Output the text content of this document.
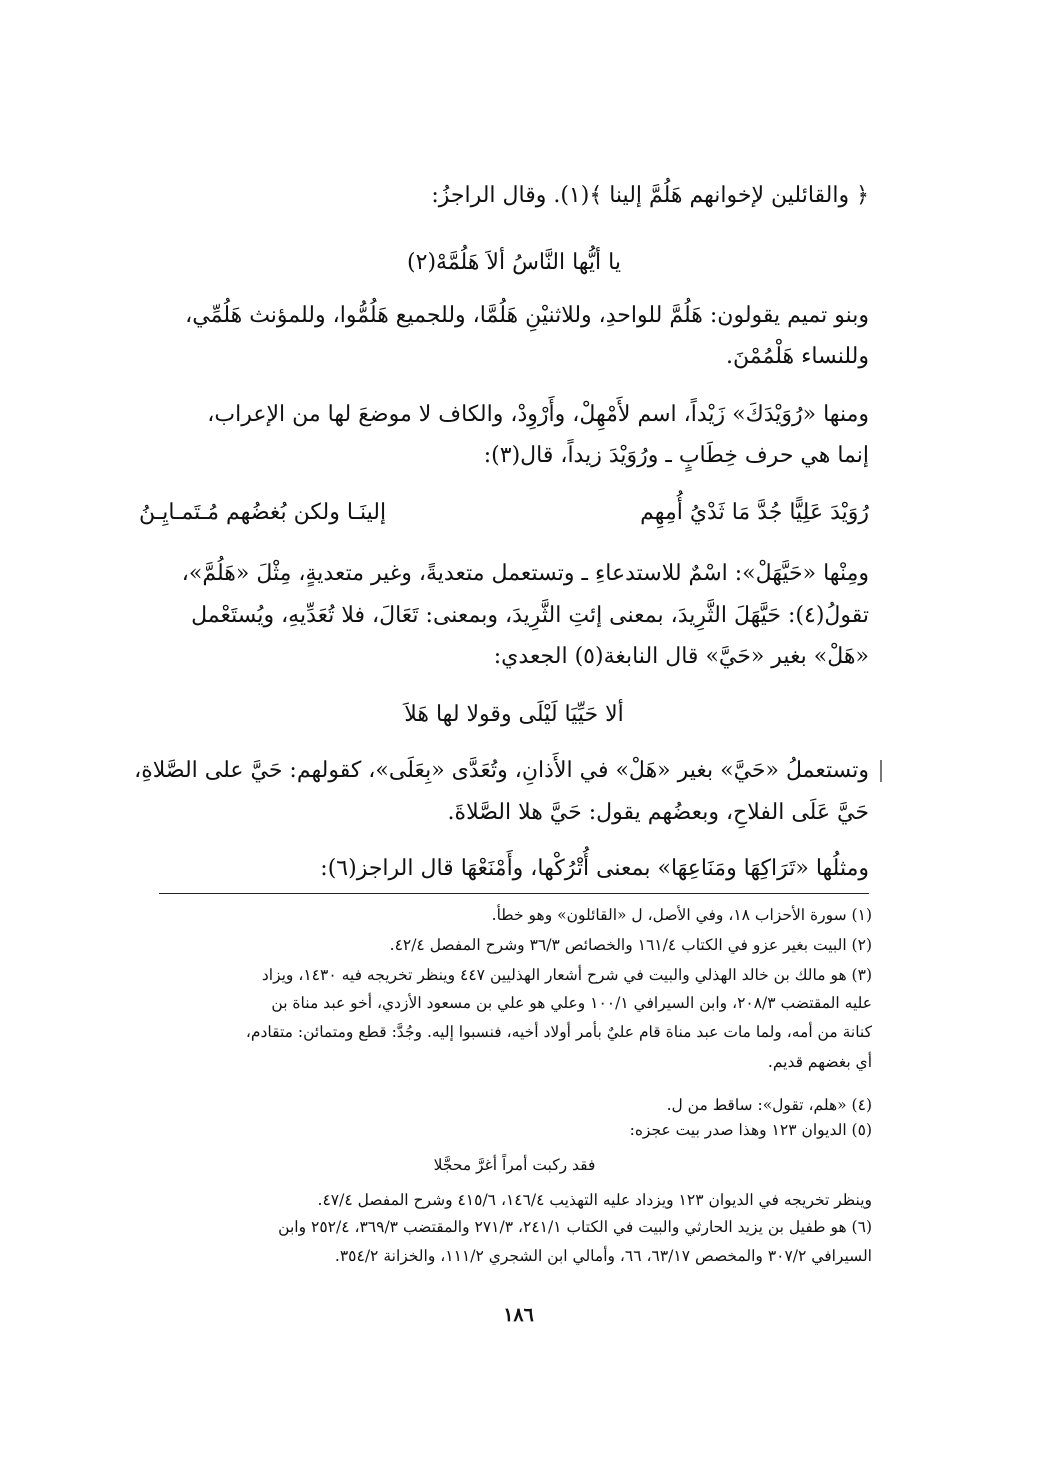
﴿ والقائلين لإخوانهم هَلُمَّ إلينا ﴾(١). وقال الراجزُ:
يا أيُّها النَّاسُ ألاَ هَلُمَّهْ(٢)
وبنو تميم يقولون: هَلُمَّ للواحدِ، وللاثنيْنِ هَلُمَّا، وللجميع هَلُمُّوا، وللمؤنث هَلُمِّي،
وللنساء هَلْمُمْنَ.
ومنها «رُوَيْدَكَ» زَيْداً، اسم لأَمْهِلْ، وأَرْوِدْ، والكاف لا موضعَ لها من الإعراب،
إنما هي حرف خِطَابٍ ـ ورُوَيْدَ زيداً، قال(٣):
رُوَيْدَ عَلِيًّا جُدَّ مَا ثَدْيُ أُمِهِم
إلينَـا ولكن بُغضُهم مُـتَمـايِـنُ
ومِنْها «حَيَّهَلْ»: اسْمٌ للاستدعاءِ ـ وتستعمل متعديةً، وغير متعديةٍ، مِثْلَ «هَلُمَّ»،
تقولُ(٤): حَيَّهَلَ الثَّرِيدَ، بمعنى إئتِ الثَّرِيدَ، وبمعنى: تَعَالَ، فلا تُعَدِّيهِ، ويُستَعْمل
«هَلْ» بغير «حَيَّ» قال النابغة(٥) الجعدي:
ألا حَيِّيَا لَيْلَى وقولا لها هَلاَ
وتستعملُ «حَيَّ» بغير «هَلْ» في الأَذانِ، وتُعَدَّى «بِعَلَى»، كقولهم: حَيَّ على الصَّلاةِ،
حَيَّ عَلَى الفلاحِ، وبعضُهم يقول: حَيَّ هلا الصَّلاةَ.
ومثلُها «تَرَاكِهَا ومَنَاعِهَا» بمعنى أُتْرُكْها، وأَمْنَعْهَا قال الراجز(٦):
(١) سورة الأحزاب ١٨، وفي الأصل، ل «القائلون» وهو خطأ.
(٢) البيت بغير عزو في الكتاب ١٦١/٤ والخصائص ٣٦/٣ وشرح المفصل ٤٢/٤.
(٣) هو مالك بن خالد الهذلي والبيت في شرح أشعار الهذليين ٤٤٧ وينظر تخريجه فيه ١٤٣٠، ويزاد
عليه المقتضب ٢٠٨/٣، وابن السيرافي ١٠٠/١ وعلي هو علي بن مسعود الأزدي، أخو عبد مناة بن
كنانة من أمه، ولما مات عبد مناة قام عليٌ بأمر أولاد أخيه، فنسبوا إليه. وجُدَّ: قطع ومتمائن: متقادم،
أي بغضهم قديم.
(٤) «هلم، تقول»: ساقط من ل.
(٥) الديوان ١٢٣ وهذا صدر بيت عجزه:
فقد ركبت أمراً أغرَّ محجَّلا
وينظر تخريجه في الديوان ١٢٣ ويزداد عليه التهذيب ١٤٦/٤، ٤١٥/٦ وشرح المفصل ٤٧/٤.
(٦) هو طفيل بن يزيد الحارثي والبيت في الكتاب ٢٤١/١، ٢٧١/٣ والمقتضب ٣٦٩/٣، ٢٥٢/٤ وابن
السيرافي ٣٠٧/٢ والمخصص ٦٣/١٧، ٦٦، وأمالي ابن الشجري ١١١/٢، والخزانة ٣٥٤/٢.
١٨٦
